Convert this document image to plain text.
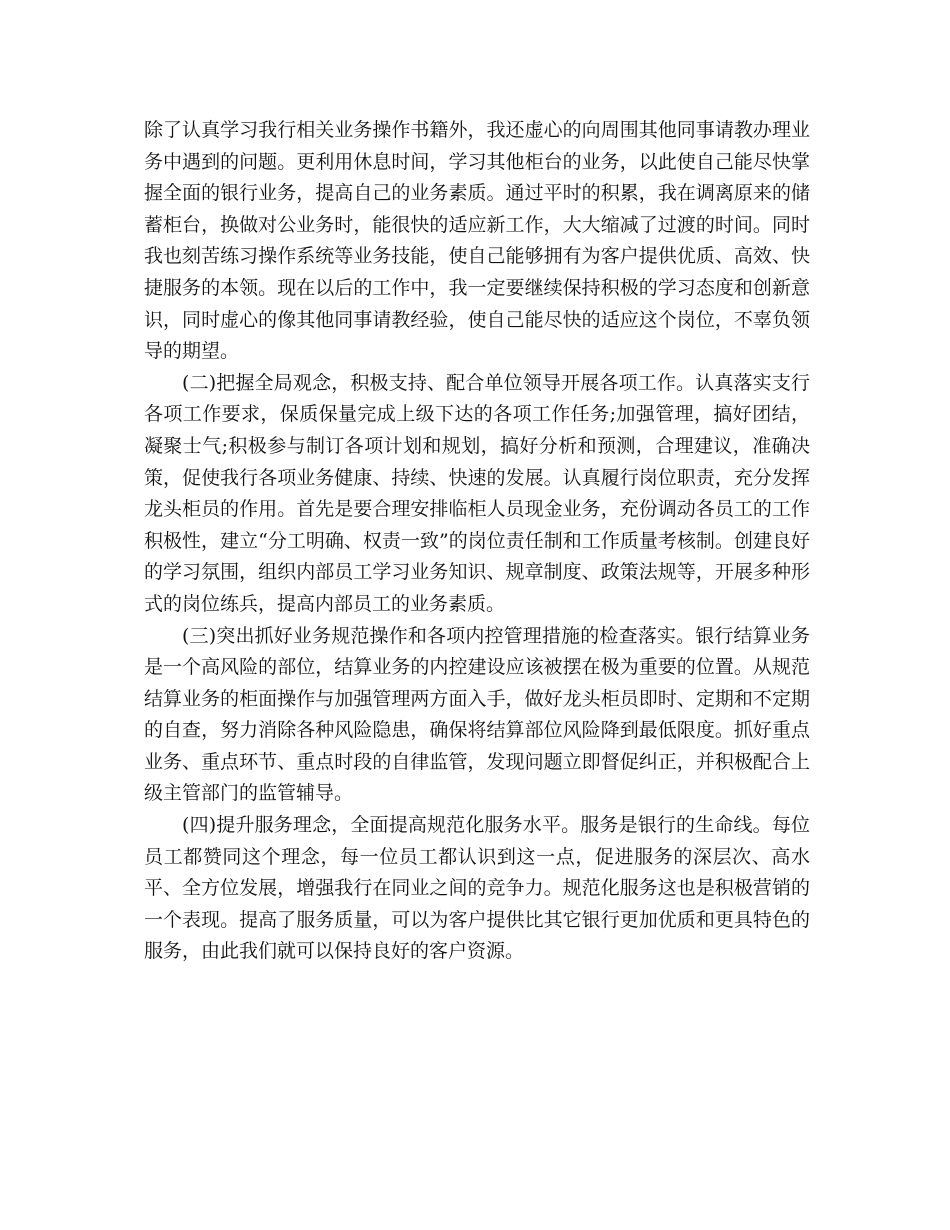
除了认真学习我行相关业务操作书籍外，我还虚心的向周围其他同事请教办理业务中遇到的问题。更利用休息时间，学习其他柜台的业务，以此使自己能尽快掌握全面的银行业务，提高自己的业务素质。通过平时的积累，我在调离原来的储蓄柜台，换做对公业务时，能很快的适应新工作，大大缩减了过渡的时间。同时我也刻苦练习操作系统等业务技能，使自己能够拥有为客户提供优质、高效、快捷服务的本领。现在以后的工作中，我一定要继续保持积极的学习态度和创新意识，同时虚心的像其他同事请教经验，使自己能尽快的适应这个岗位，不辜负领导的期望。

(二)把握全局观念，积极支持、配合单位领导开展各项工作。认真落实支行各项工作要求，保质保量完成上级下达的各项工作任务;加强管理，搞好团结，凝聚士气;积极参与制订各项计划和规划，搞好分析和预测，合理建议，准确决策，促使我行各项业务健康、持续、快速的发展。认真履行岗位职责，充分发挥龙头柜员的作用。首先是要合理安排临柜人员现金业务，充份调动各员工的工作积极性，建立“分工明确、权责一致”的岗位责任制和工作质量考核制。创建良好的学习氛围，组织内部员工学习业务知识、规章制度、政策法规等，开展多种形式的岗位练兵，提高内部员工的业务素质。

(三)突出抓好业务规范操作和各项内控管理措施的检查落实。银行结算业务是一个高风险的部位，结算业务的内控建设应该被摆在极为重要的位置。从规范结算业务的柜面操作与加强管理两方面入手，做好龙头柜员即时、定期和不定期的自查，努力消除各种风险隐患，确保将结算部位风险降到最低限度。抓好重点业务、重点环节、重点时段的自律监管，发现问题立即督促纠正，并积极配合上级主管部门的监管辅导。

(四)提升服务理念，全面提高规范化服务水平。服务是银行的生命线。每位员工都赞同这个理念，每一位员工都认识到这一点，促进服务的深层次、高水平、全方位发展，增强我行在同业之间的竞争力。规范化服务这也是积极营销的一个表现。提高了服务质量，可以为客户提供比其它银行更加优质和更具特色的服务，由此我们就可以保持良好的客户资源。
